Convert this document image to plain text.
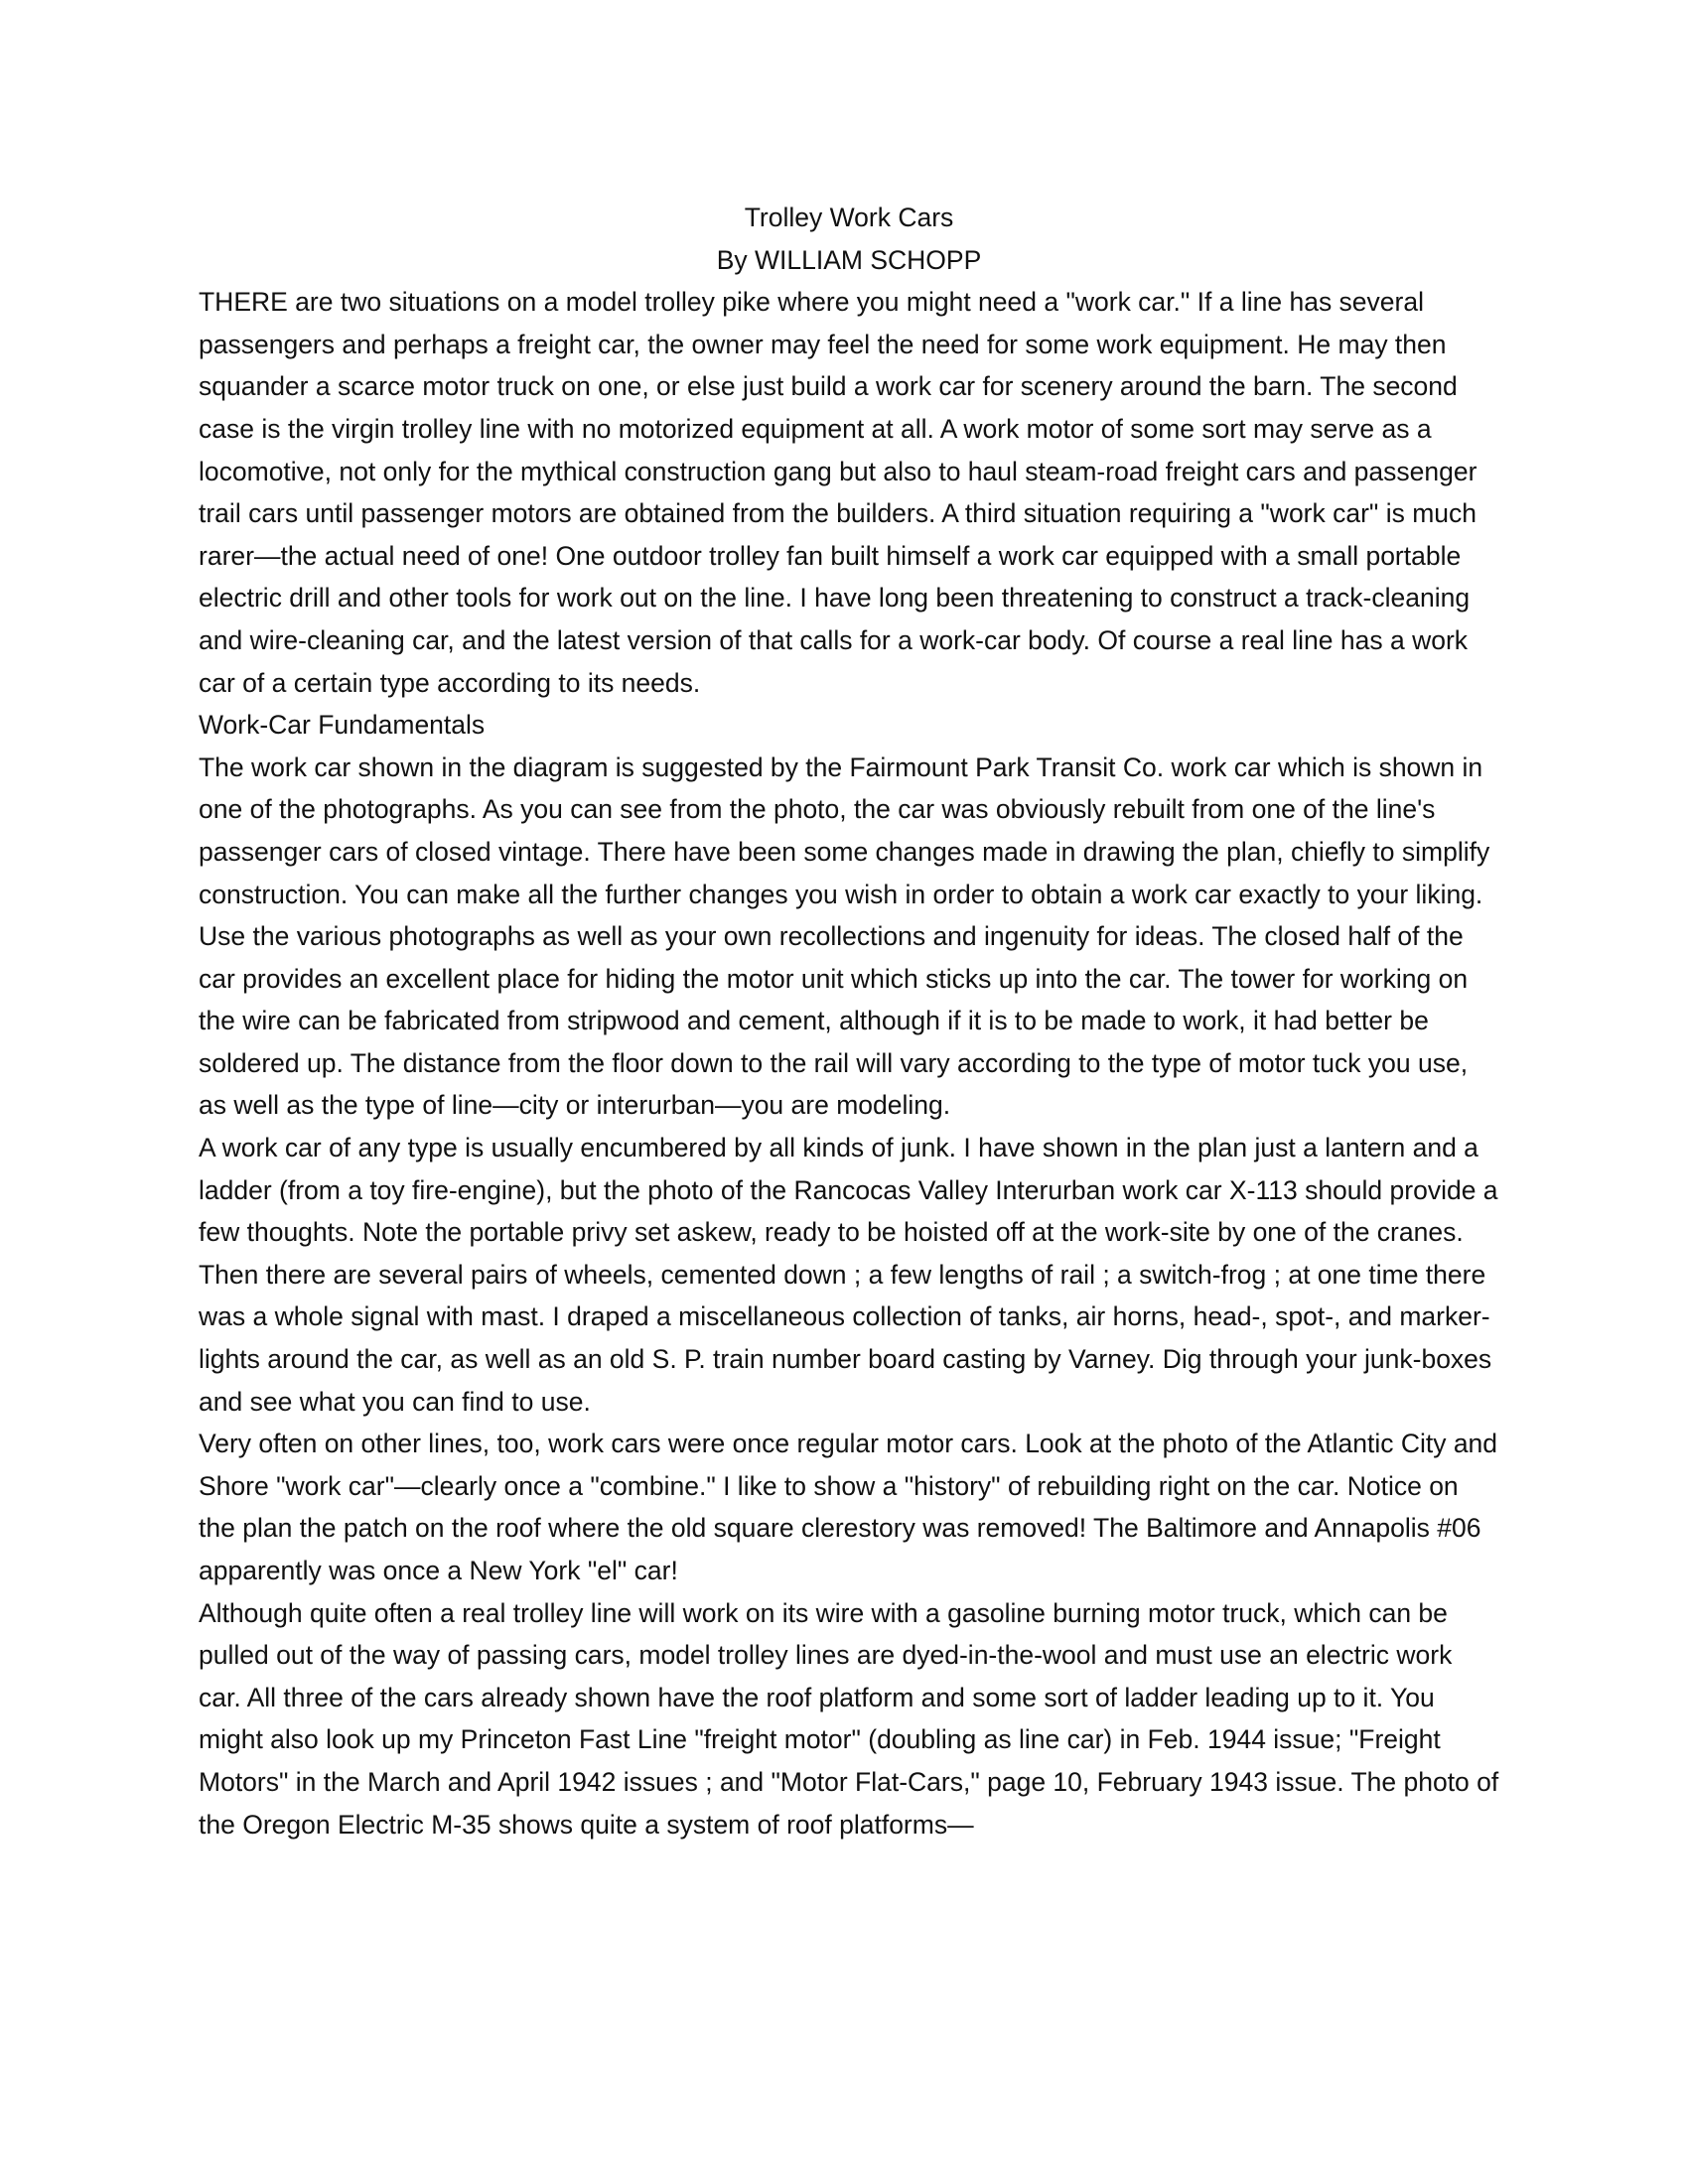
Trolley Work Cars
By WILLIAM SCHOPP

THERE are two situations on a model trolley pike where you might need a "work car." If a line has several passengers and perhaps a freight car, the owner may feel the need for some work equipment. He may then squander a scarce motor truck on one, or else just build a work car for scenery around the barn. The second case is the virgin trolley line with no motorized equipment at all. A work motor of some sort may serve as a locomotive, not only for the mythical construction gang but also to haul steam-road freight cars and passenger trail cars until passenger motors are obtained from the builders. A third situation requiring a "work car" is much rarer—the actual need of one! One outdoor trolley fan built himself a work car equipped with a small portable electric drill and other tools for work out on the line. I have long been threatening to construct a track-cleaning and wire-cleaning car, and the latest version of that calls for a work-car body. Of course a real line has a work car of a certain type according to its needs.

Work-Car Fundamentals

The work car shown in the diagram is suggested by the Fairmount Park Transit Co. work car which is shown in one of the photographs. As you can see from the photo, the car was obviously rebuilt from one of the line's passenger cars of closed vintage. There have been some changes made in drawing the plan, chiefly to simplify construction. You can make all the further changes you wish in order to obtain a work car exactly to your liking. Use the various photographs as well as your own recollections and ingenuity for ideas. The closed half of the car provides an excellent place for hiding the motor unit which sticks up into the car. The tower for working on the wire can be fabricated from stripwood and cement, although if it is to be made to work, it had better be soldered up. The distance from the floor down to the rail will vary according to the type of motor tuck you use, as well as the type of line—city or interurban—you are modeling.

A work car of any type is usually encumbered by all kinds of junk. I have shown in the plan just a lantern and a ladder (from a toy fire-engine), but the photo of the Rancocas Valley Interurban work car X-113 should provide a few thoughts. Note the portable privy set askew, ready to be hoisted off at the work-site by one of the cranes. Then there are several pairs of wheels, cemented down ; a few lengths of rail ; a switch-frog ; at one time there was a whole signal with mast. I draped a miscellaneous collection of tanks, air horns, head-, spot-, and marker-lights around the car, as well as an old S. P. train number board casting by Varney. Dig through your junk-boxes and see what you can find to use.

Very often on other lines, too, work cars were once regular motor cars. Look at the photo of the Atlantic City and Shore "work car"—clearly once a "combine." I like to show a "history" of rebuilding right on the car. Notice on the plan the patch on the roof where the old square clerestory was removed! The Baltimore and Annapolis #06 apparently was once a New York "el" car!

Although quite often a real trolley line will work on its wire with a gasoline burning motor truck, which can be pulled out of the way of passing cars, model trolley lines are dyed-in-the-wool and must use an electric work car. All three of the cars already shown have the roof platform and some sort of ladder leading up to it. You might also look up my Princeton Fast Line "freight motor" (doubling as line car) in Feb. 1944 issue; "Freight Motors" in the March and April 1942 issues ; and "Motor Flat-Cars," page 10, February 1943 issue. The photo of the Oregon Electric M-35 shows quite a system of roof platforms—
